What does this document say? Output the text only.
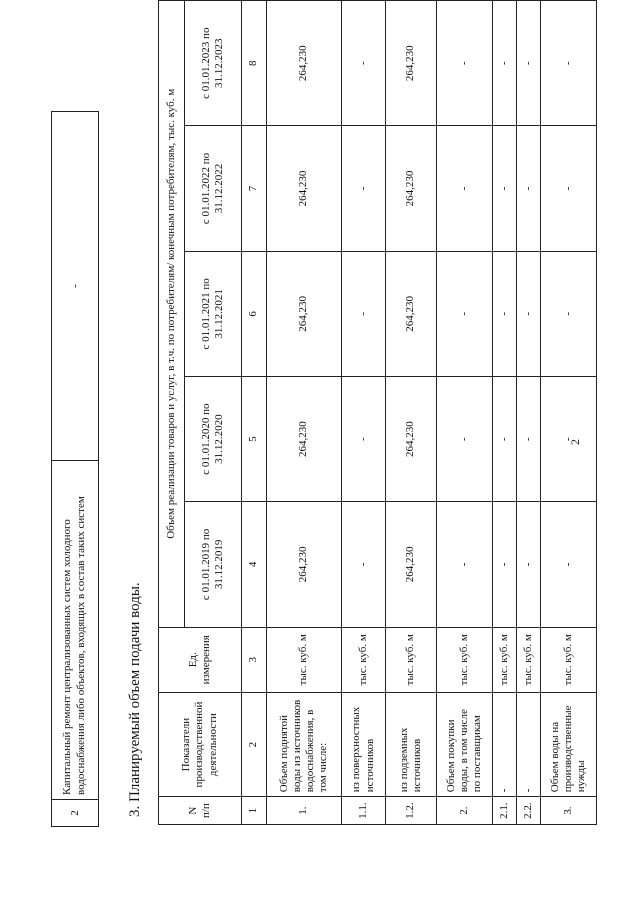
2
2	Капитальный ремонт централизованных систем холодного водоснабжения либо объектов, входящих в состав таких систем	-
3. Планируемый объем подачи воды.	N п/п	Показатели производственной деятельности	Ед. измерения	Объем реализации товаров и услуг, в т.ч. по потребителям/ конечным потребителям, тыс. куб. м				
			с 01.01.2019 по 31.12.2019	с 01.01.2020 по 31.12.2020	с 01.01.2021 по 31.12.2021	с 01.01.2022 по 31.12.2022	с 01.01.2023 по 31.12.2023
1	2	3	4	5	6	7	8
1.	Объем поднятой воды из источников водоснабжения, в том числе:	тыс. куб. м	264,230	264,230	264,230	264,230	264,230
1.1.	из поверхностных источников	тыс. куб. м	-	-	-	-	-
1.2.	из подземных источников	тыс. куб. м	264,230	264,230	264,230	264,230	264,230
2.	Объем покупки воды, в том числе по поставщикам	тыс. куб. м	-	-	-	-	-
2.1.	-	тыс. куб. м	-	-	-	-	-
2.2.	-	тыс. куб. м	-	-	-	-	-
3.	Объем воды на производственные нужды	тыс. куб. м	-	-	-	-	-
